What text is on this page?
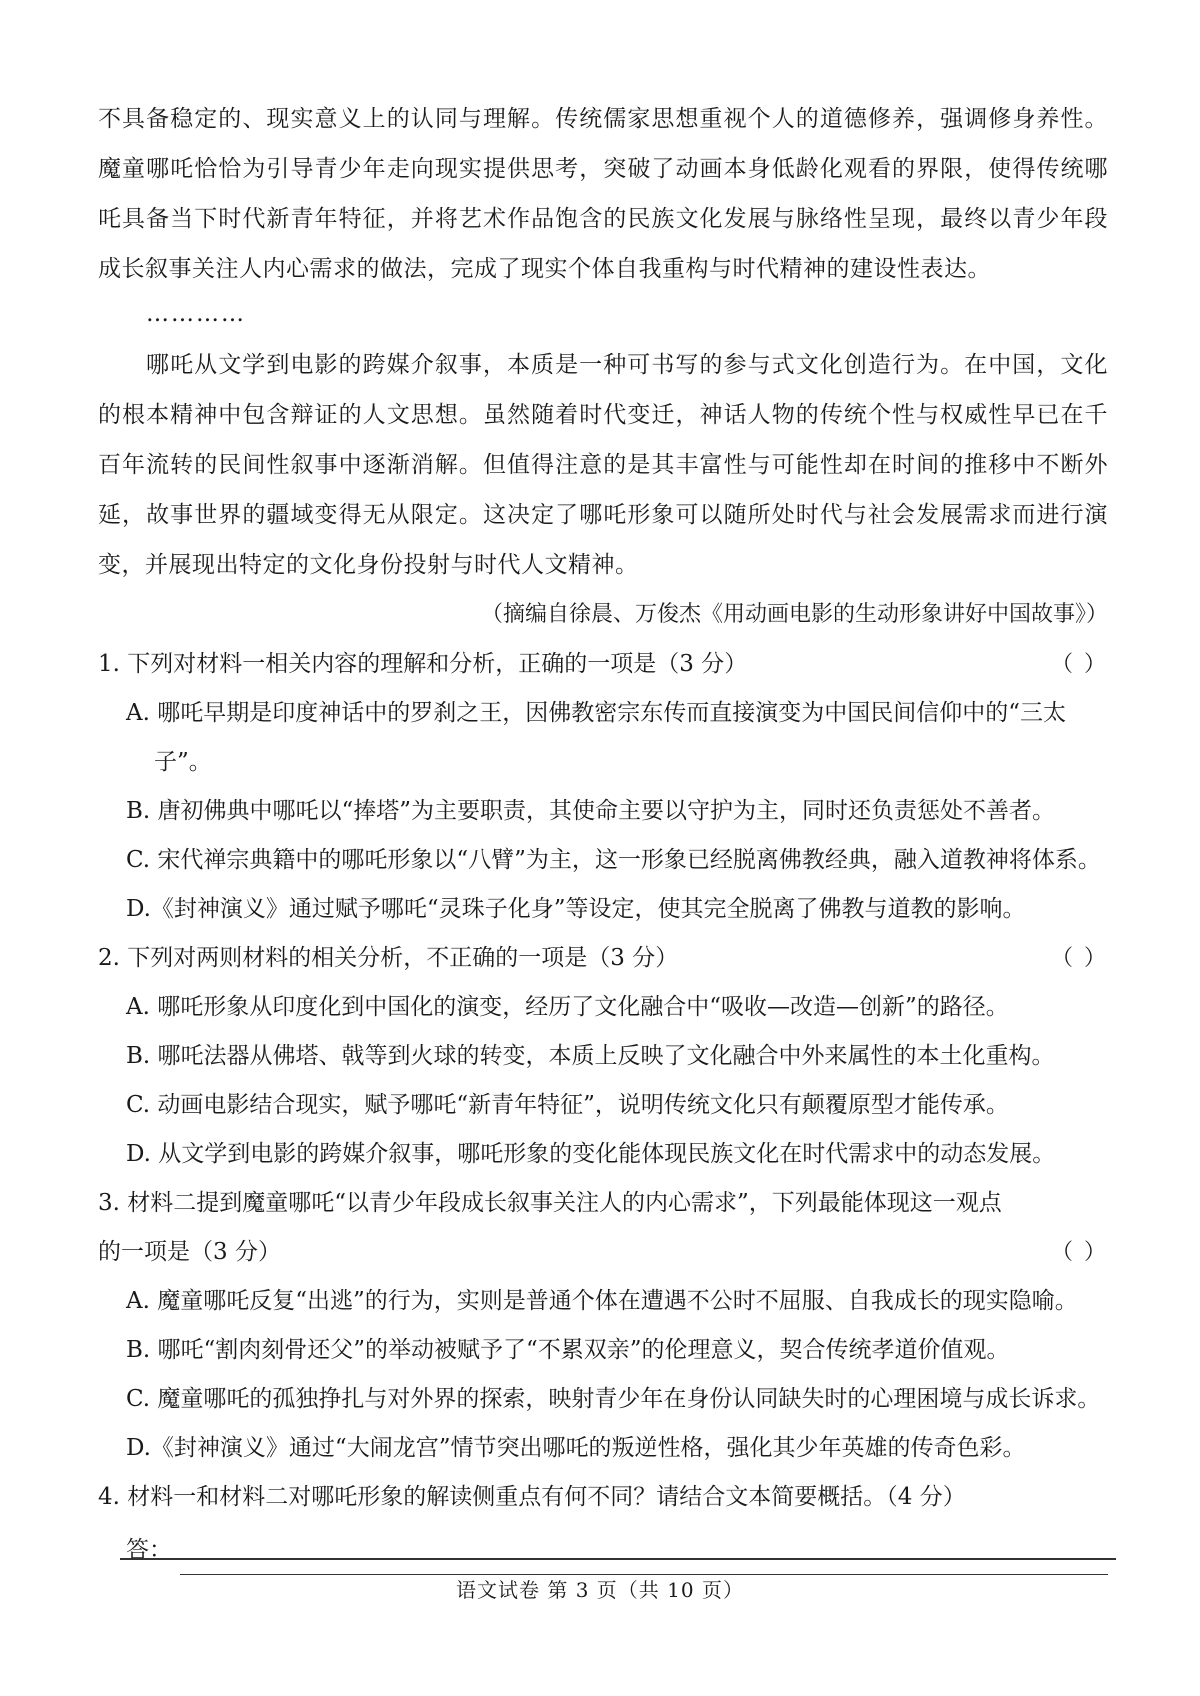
不具备稳定的、现实意义上的认同与理解。传统儒家思想重视个人的道德修养，强调修身养性。魔童哪吒恰恰为引导青少年走向现实提供思考，突破了动画本身低龄化观看的界限，使得传统哪吒具备当下时代新青年特征，并将艺术作品饱含的民族文化发展与脉络性呈现，最终以青少年段成长叙事关注人内心需求的做法，完成了现实个体自我重构与时代精神的建设性表达。

…………

哪吒从文学到电影的跨媒介叙事，本质是一种可书写的参与式文化创造行为。在中国，文化的根本精神中包含辩证的人文思想。虽然随着时代变迁，神话人物的传统个性与权威性早已在千百年流转的民间性叙事中逐渐消解。但值得注意的是其丰富性与可能性却在时间的推移中不断外延，故事世界的疆域变得无从限定。这决定了哪吒形象可以随所处时代与社会发展需求而进行演变，并展现出特定的文化身份投射与时代人文精神。

（摘编自徐晨、万俊杰《用动画电影的生动形象讲好中国故事》）

1. 下列对材料一相关内容的理解和分析，正确的一项是（3 分）	（ ）

A. 哪吒早期是印度神话中的罗刹之王，因佛教密宗东传而直接演变为中国民间信仰中的“三太子”。

B. 唐初佛典中哪吒以“捧塔”为主要职责，其使命主要以守护为主，同时还负责惩处不善者。

C. 宋代禅宗典籍中的哪吒形象以“八臂”为主，这一形象已经脱离佛教经典，融入道教神将体系。

D.《封神演义》通过赋予哪吒“灵珠子化身”等设定，使其完全脱离了佛教与道教的影响。

2. 下列对两则材料的相关分析，不正确的一项是（3 分）	（ ）

A. 哪吒形象从印度化到中国化的演变，经历了文化融合中“吸收—改造—创新”的路径。

B. 哪吒法器从佛塔、戟等到火球的转变，本质上反映了文化融合中外来属性的本土化重构。

C. 动画电影结合现实，赋予哪吒“新青年特征”，说明传统文化只有颠覆原型才能传承。

D. 从文学到电影的跨媒介叙事，哪吒形象的变化能体现民族文化在时代需求中的动态发展。

3. 材料二提到魔童哪吒“以青少年段成长叙事关注人的内心需求”，下列最能体现这一观点的一项是（3 分）	（ ）

A. 魔童哪吒反复“出逃”的行为，实则是普通个体在遭遇不公时不屈服、自我成长的现实隐喻。

B. 哪吒“割肉刻骨还父”的举动被赋予了“不累双亲”的伦理意义，契合传统孝道价值观。

C. 魔童哪吒的孤独挣扎与对外界的探索，映射青少年在身份认同缺失时的心理困境与成长诉求。

D.《封神演义》通过“大闹龙宫”情节突出哪吒的叛逆性格，强化其少年英雄的传奇色彩。

4. 材料一和材料二对哪吒形象的解读侧重点有何不同？请结合文本简要概括。（4 分）

答：
语文试卷 第 3 页（共 10 页）
